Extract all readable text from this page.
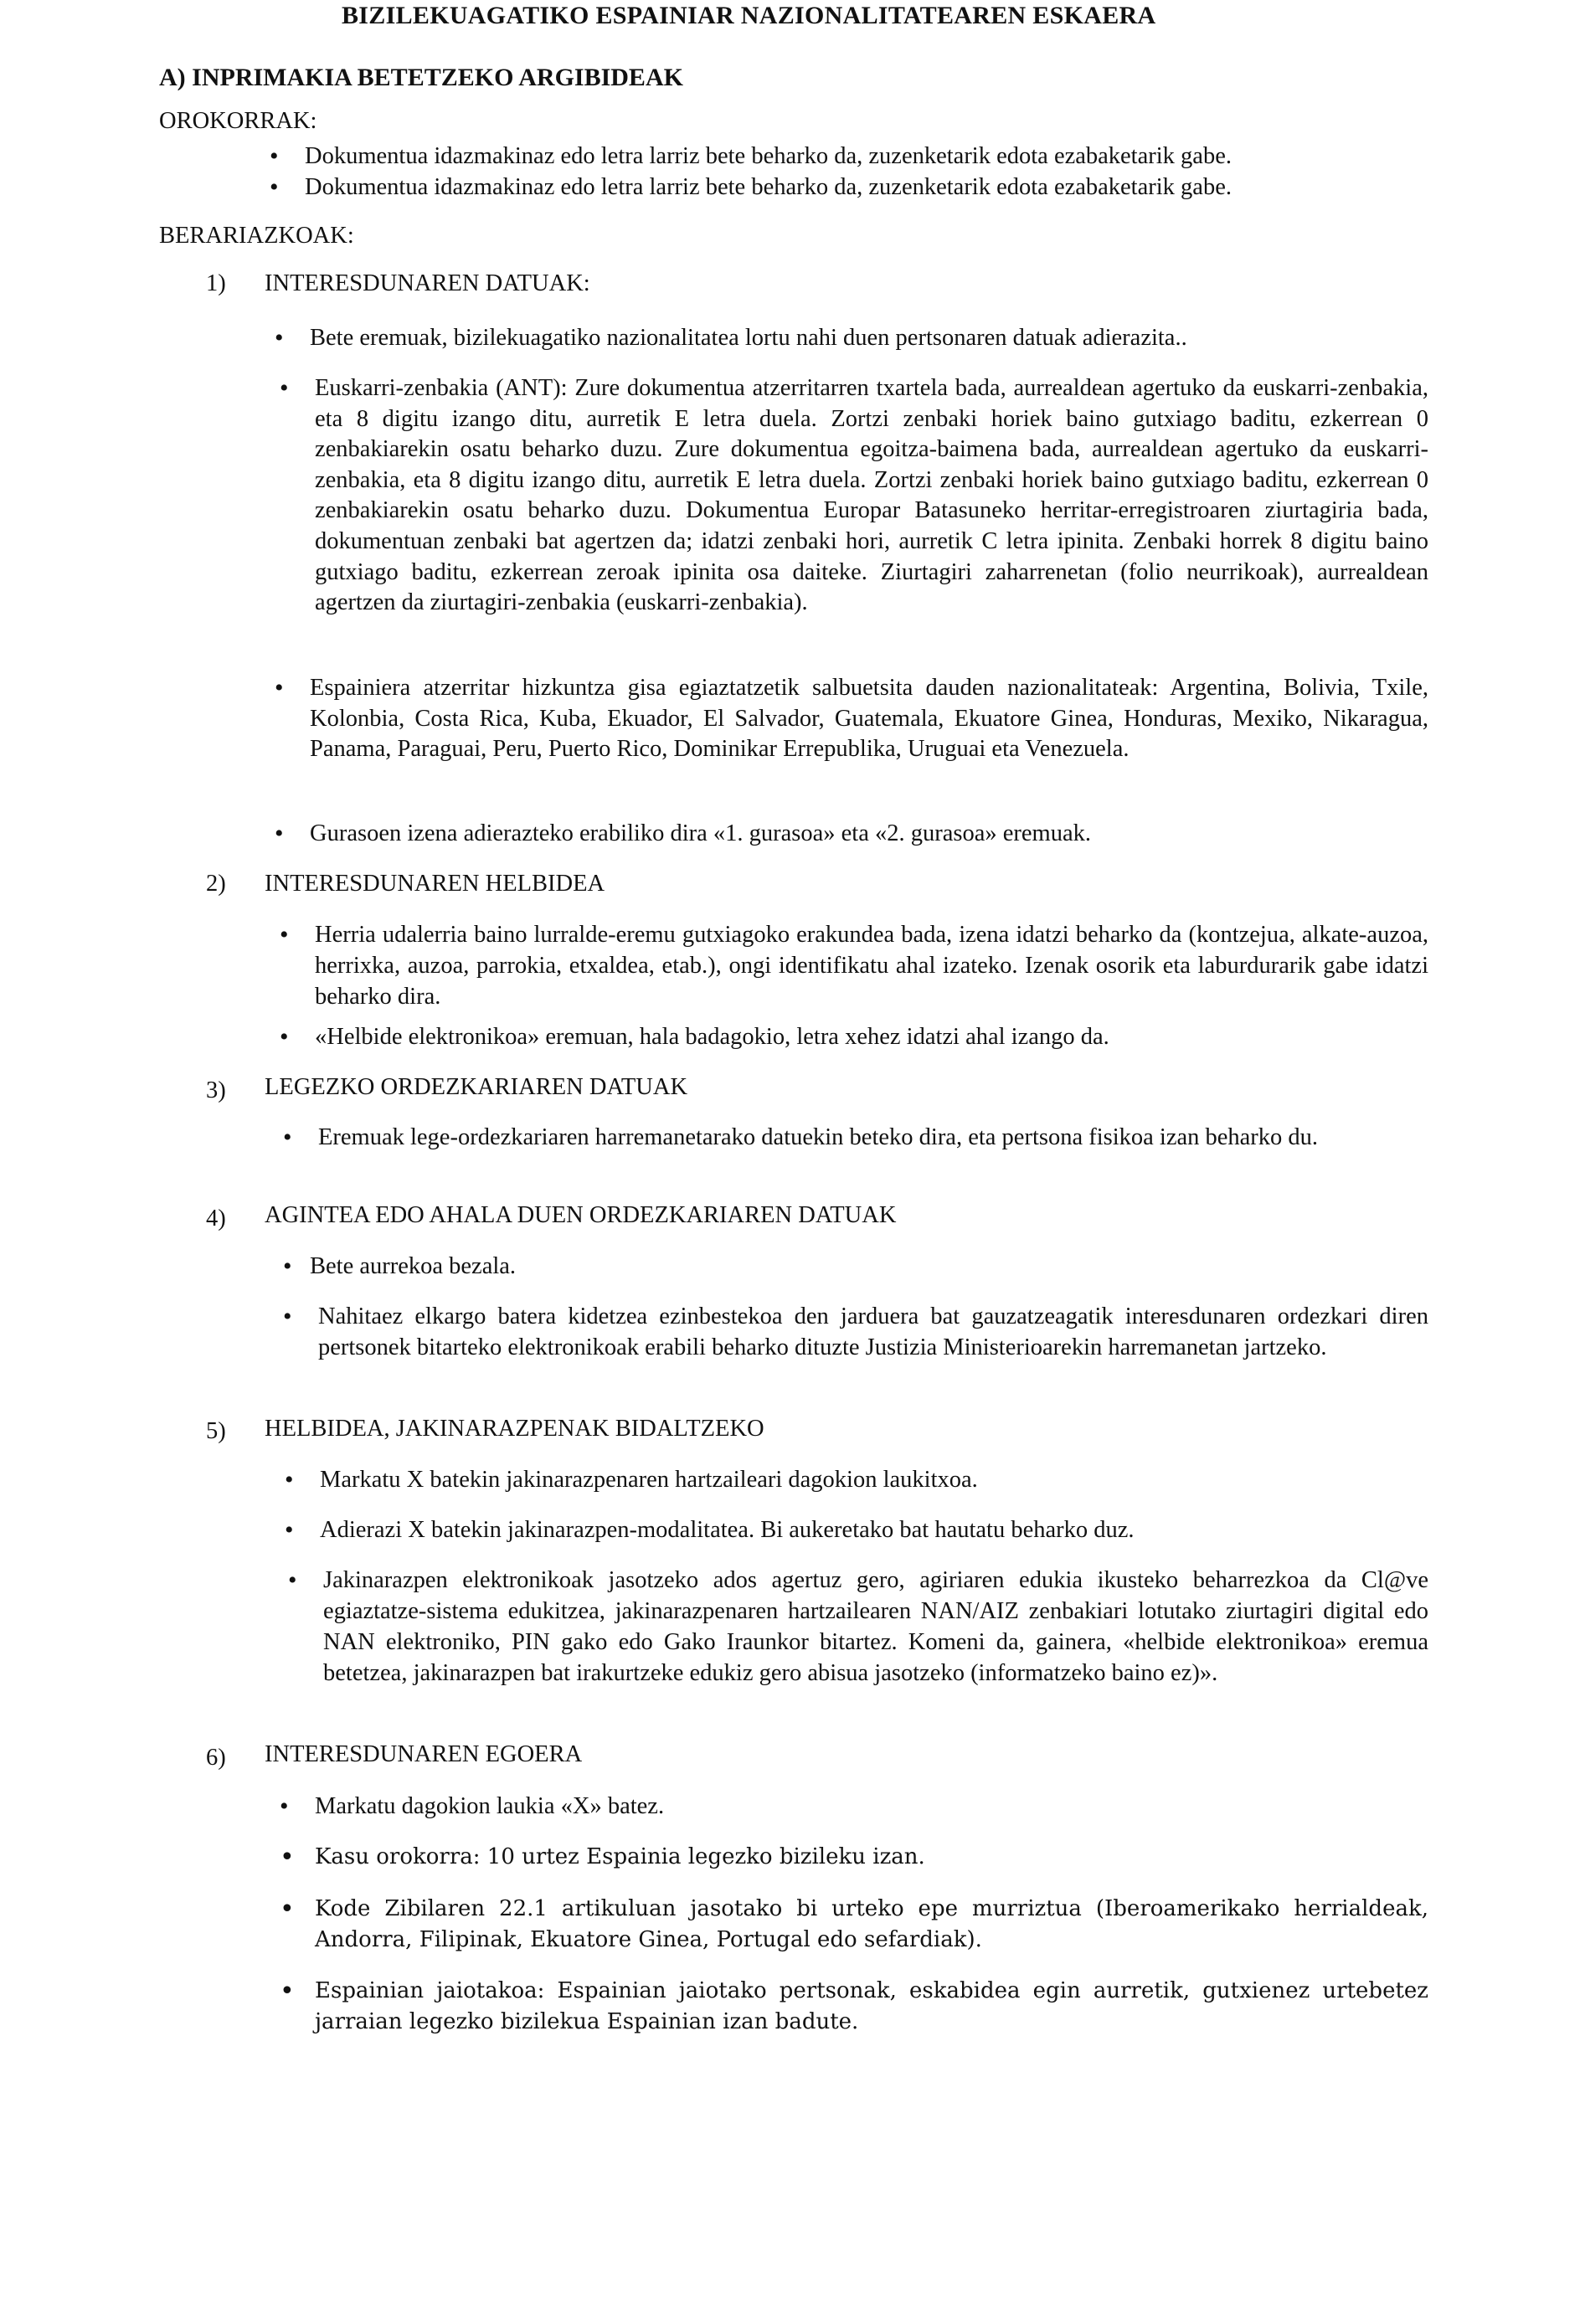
BIZILEKUAGATIKO ESPAINIAR NAZIONALITATEAREN ESKAERA
A) INPRIMAKIA BETETZEKO ARGIBIDEAK
OROKORRAK:
• Dokumentua idazmakinaz edo letra larriz bete beharko da, zuzenketarik edota ezabaketarik gabe.
• Dokumentua idazmakinaz edo letra larriz bete beharko da, zuzenketarik edota ezabaketarik gabe.
BERARIAZKOAK:
1) INTERESDUNAREN DATUAK:
• Bete eremuak, bizilekuagatiko nazionalitatea lortu nahi duen pertsonaren datuak adierazita..
• Euskarri-zenbakia (ANT): Zure dokumentua atzerritarren txartela bada, aurrealdean agertuko da euskarri-zenbakia, eta 8 digitu izango ditu, aurretik E letra duela. Zortzi zenbaki horiek baino gutxiago baditu, ezkerrean 0 zenbakiarekin osatu beharko duzu. Zure dokumentua egoitza-baimena bada, aurrealdean agertuko da euskarri-zenbakia, eta 8 digitu izango ditu, aurretik E letra duela. Zortzi zenbaki horiek baino gutxiago baditu, ezkerrean 0 zenbakiarekin osatu beharko duzu. Dokumentua Europar Batasuneko herritar-erregistroaren ziurtagiria bada, dokumentuan zenbaki bat agertzen da; idatzi zenbaki hori, aurretik C letra ipinita. Zenbaki horrek 8 digitu baino gutxiago baditu, ezkerrean zeroak ipinita osa daiteke. Ziurtagiri zaharrenetan (folio neurrikoak), aurrealdean agertzen da ziurtagiri-zenbakia (euskarri-zenbakia).
• Espainiera atzerritar hizkuntza gisa egiaztatzetik salbuetsita dauden nazionalitateak: Argentina, Bolivia, Txile, Kolonbia, Costa Rica, Kuba, Ekuador, El Salvador, Guatemala, Ekuatore Ginea, Honduras, Mexiko, Nikaragua, Panama, Paraguai, Peru, Puerto Rico, Dominikar Errepublika, Uruguai eta Venezuela.
• Gurasoen izena adierazteko erabiliko dira «1. gurasoa» eta «2. gurasoa» eremuak.
2) INTERESDUNAREN HELBIDEA
• Herria udalerria baino lurralde-eremu gutxiagoko erakundea bada, izena idatzi beharko da (kontzejua, alkate-auzoa, herrixka, auzoa, parrokia, etxaldea, etab.), ongi identifikatu ahal izateko. Izenak osorik eta laburdurarik gabe idatzi beharko dira.
• «Helbide elektronikoa» eremuan, hala badagokio, letra xehez idatzi ahal izango da.
3) LEGEZKO ORDEZKARIAREN DATUAK
• Eremuak lege-ordezkariaren harremanetarako datuekin beteko dira, eta pertsona fisikoa izan beharko du.
4) AGINTEA EDO AHALA DUEN ORDEZKARIAREN DATUAK
• Bete aurrekoa bezala.
• Nahitaez elkargo batera kidetzea ezinbestekoa den jarduera bat gauzatzeagatik interesdunaren ordezkari diren pertsonek bitarteko elektronikoak erabili beharko dituzte Justizia Ministerioarekin harremanetan jartzeko.
5) HELBIDEA, JAKINARAZPENAK BIDALTZEKO
• Markatu X batekin jakinarazpenaren hartzaileari dagokion laukitxoa.
• Adierazi X batekin jakinarazpen-modalitatea. Bi aukeretako bat hautatu beharko duz.
• Jakinarazpen elektronikoak jasotzeko ados agertuz gero, agiriaren edukia ikusteko beharrezkoa da Cl@ve egiaztatze-sistema edukitzea, jakinarazpenaren hartzailearen NAN/AIZ zenbakiari lotutako ziurtagiri digital edo NAN elektroniko, PIN gako edo Gako Iraunkor bitartez. Komeni da, gainera, «helbide elektronikoa» eremua betetzea, jakinarazpen bat irakurtzeke edukiz gero abisua jasotzeko (informatzeko baino ez)».
6) INTERESDUNAREN EGOERA
• Markatu dagokion laukia «X» batez.
• Kasu orokorra: 10 urtez Espainia legezko bizileku izan.
• Kode Zibilaren 22.1 artikuluan jasotako bi urteko epe murriztua (Iberoamerikako herrialdeak, Andorra, Filipinak, Ekuatore Ginea, Portugal edo sefardiak).
• Espainian jaiotakoa: Espainian jaiotako pertsonak, eskabidea egin aurretik, gutxienez urtebetez jarraian legezko bizilekua Espainian izan badute.
